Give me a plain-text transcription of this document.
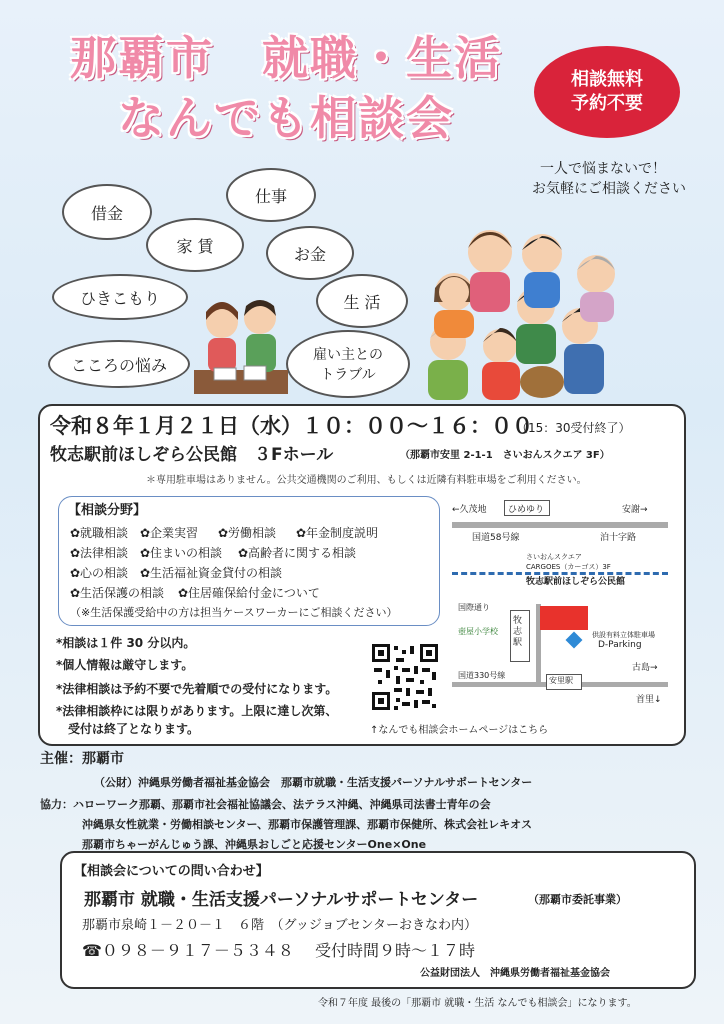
那覇市　就職・生活
なんでも相談会
相談無料
予約不要
一人で悩まないで！
お気軽にご相談ください
借金
仕事
家 賃	お金
ひきこもり	生 活
こころの悩み
雇い主との
トラブル
令和８年１月２１日（水）１０：００～１６：００
（15：30受付終了）
牧志駅前ほしぞら公民館　３Fホール	（那覇市安里 2-1-1　さいおんスクエア 3F）
＊専用駐車場はありません。公共交通機関のご利用、もしくは近隣有料駐車場をご利用ください。
【相談分野】
✿就職相談 ✿企業実習 ✿労働相談 ✿年金制度説明
✿法律相談 ✿住まいの相談 ✿高齢者に関する相談
✿心の相談 ✿生活福祉資金貸付の相談
✿生活保護の相談 ✿住居確保給付金について
（※生活保護受給中の方は担当ケースワーカーにご相談ください）
*相談は１件 30 分以内。
*個人情報は厳守します。
*法律相談は予約不要で先着順での受付になります。
*法律相談枠には限りがあります。上限に達し次第、
　受付は終了となります。	↑なんでも相談会ホームページはこちら
←久茂地 ひめゆり	安謝→
国道58号線	泊十字路
さいおんスクエア
CARGOES（カーゴス）3F
牧志駅前ほしぞら公民館
国際通り
壺屋小学校
牧志駅
供設有料立体駐車場
D-Parking
国道330号線
安里駅
古島→
首里↓
主催：那覇市
（公財）沖縄県労働者福祉基金協会　那覇市就職・生活支援パーソナルサポートセンター
協力：ハローワーク那覇、那覇市社会福祉協議会、法テラス沖縄、沖縄県司法書士青年の会
沖縄県女性就業・労働相談センター、那覇市保護管理課、那覇市保健所、株式会社レキオス
那覇市ちゃーがんじゅう課、沖縄県おしごと応援センターOne×One
【相談会についての問い合わせ】
那覇市 就職・生活支援パーソナルサポートセンター	（那覇市委託事業）
那覇市泉崎１－２０－１　６階　（グッジョブセンターおきなわ内）
☎０９８－９１７－５３４８　 受付時間９時～１７時
公益財団法人　沖縄県労働者福祉基金協会
令和７年度 最後の「那覇市 就職・生活 なんでも相談会」になります。
